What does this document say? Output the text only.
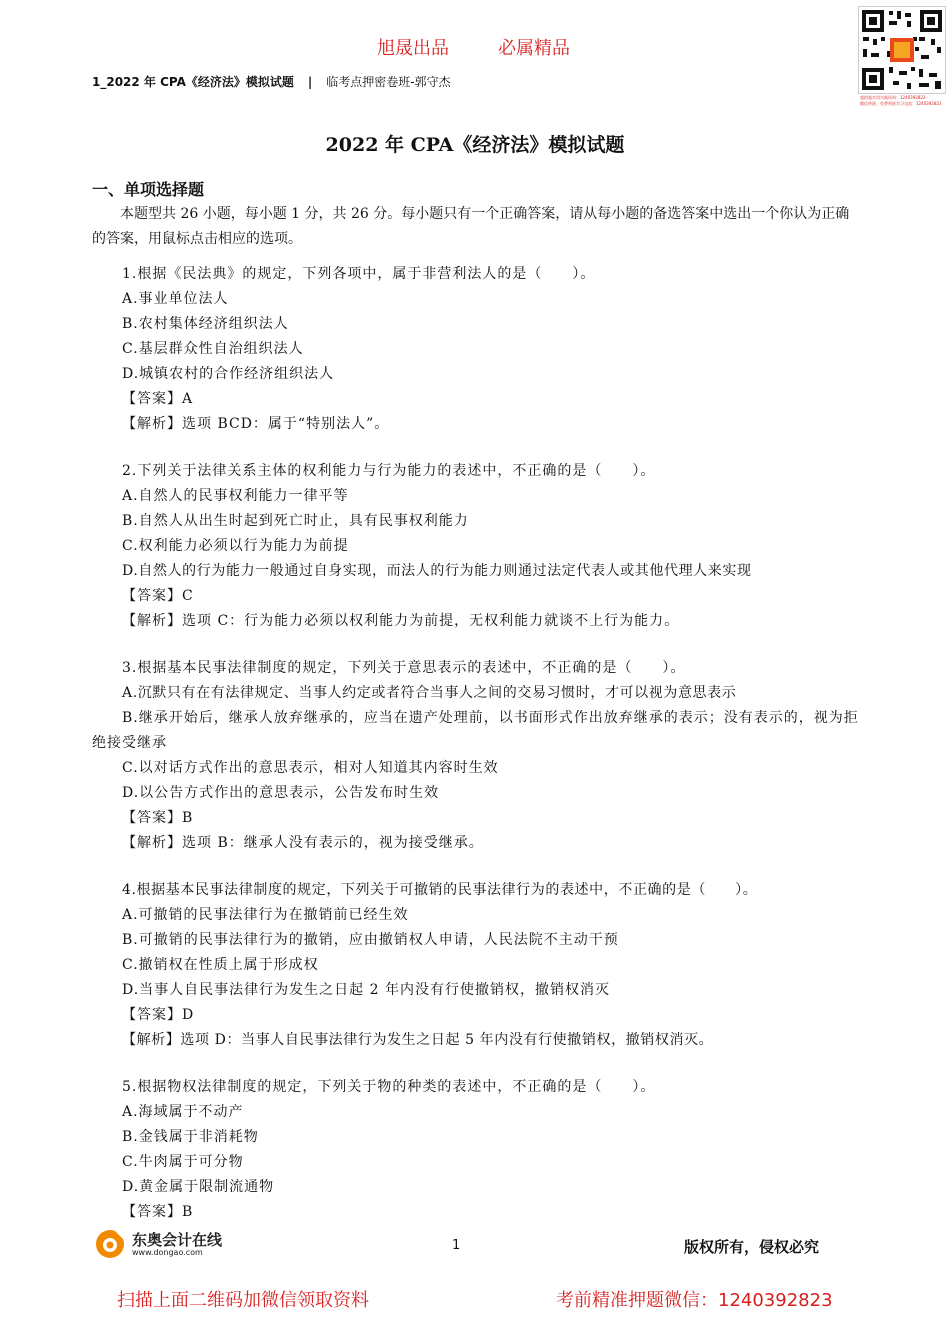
旭晟出品	必属精品
1_2022 年 CPA《经济法》模拟试题 | 临考点押密卷班-郭守杰
超值超实用实践资料：1240392823
微信带班，免费带班学习交流：1240392823
2022 年 CPA《经济法》模拟试题
一、单项选择题

本题型共 26 小题，每小题 1 分，共 26 分。每小题只有一个正确答案，请从每小题的备选答案中选出一个你认为正确的答案，用鼠标点击相应的选项。

1.根据《民法典》的规定，下列各项中，属于非营利法人的是（　　）。

A.事业单位法人

B.农村集体经济组织法人

C.基层群众性自治组织法人

D.城镇农村的合作经济组织法人

【答案】A

【解析】选项 BCD：属于“特别法人”。

2.下列关于法律关系主体的权利能力与行为能力的表述中，不正确的是（　　）。

A.自然人的民事权利能力一律平等

B.自然人从出生时起到死亡时止，具有民事权利能力

C.权利能力必须以行为能力为前提

D.自然人的行为能力一般通过自身实现，而法人的行为能力则通过法定代表人或其他代理人来实现

【答案】C

【解析】选项 C：行为能力必须以权利能力为前提，无权利能力就谈不上行为能力。

3.根据基本民事法律制度的规定，下列关于意思表示的表述中，不正确的是（　　）。

A.沉默只有在有法律规定、当事人约定或者符合当事人之间的交易习惯时，才可以视为意思表示

B.继承开始后，继承人放弃继承的，应当在遗产处理前，以书面形式作出放弃继承的表示；没有表示的，视为拒绝接受继承

C.以对话方式作出的意思表示，相对人知道其内容时生效

D.以公告方式作出的意思表示，公告发布时生效

【答案】B

【解析】选项 B：继承人没有表示的，视为接受继承。

4.根据基本民事法律制度的规定，下列关于可撤销的民事法律行为的表述中，不正确的是（　　）。

A.可撤销的民事法律行为在撤销前已经生效

B.可撤销的民事法律行为的撤销，应由撤销权人申请，人民法院不主动干预

C.撤销权在性质上属于形成权

D.当事人自民事法律行为发生之日起 2 年内没有行使撤销权，撤销权消灭

【答案】D

【解析】选项 D：当事人自民事法律行为发生之日起 5 年内没有行使撤销权，撤销权消灭。

5.根据物权法律制度的规定，下列关于物的种类的表述中，不正确的是（　　）。

A.海域属于不动产

B.金钱属于非消耗物

C.牛肉属于可分物

D.黄金属于限制流通物

【答案】B

东奥会计在线
www.dongao.com	1	版权所有，侵权必究
扫描上面二维码加微信领取资料	考前精准押题微信：1240392823
